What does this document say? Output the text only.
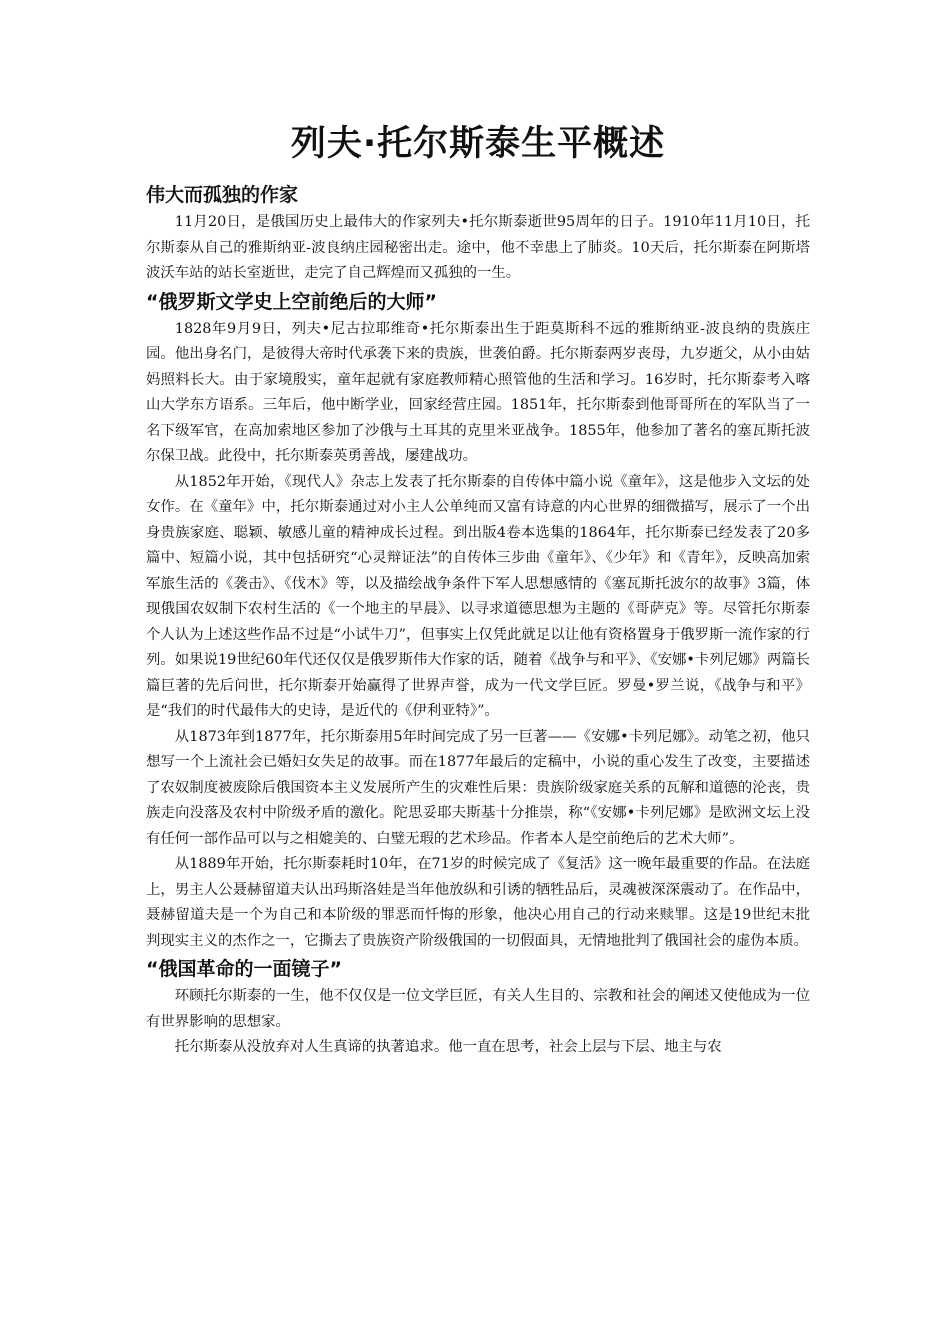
列夫·托尔斯泰生平概述
伟大而孤独的作家

11月20日，是俄国历史上最伟大的作家列夫•托尔斯泰逝世95周年的日子。1910年11月10日，托尔斯泰从自己的雅斯纳亚-波良纳庄园秘密出走。途中，他不幸患上了肺炎。10天后，托尔斯泰在阿斯塔波沃车站的站长室逝世，走完了自己辉煌而又孤独的一生。

“俄罗斯文学史上空前绝后的大师”

1828年9月9日，列夫•尼古拉耶维奇•托尔斯泰出生于距莫斯科不远的雅斯纳亚-波良纳的贵族庄园。他出身名门，是彼得大帝时代承袭下来的贵族，世袭伯爵。托尔斯泰两岁丧母，九岁逝父，从小由姑妈照料长大。由于家境殷实，童年起就有家庭教师精心照管他的生活和学习。16岁时，托尔斯泰考入喀山大学东方语系。三年后，他中断学业，回家经营庄园。1851年，托尔斯泰到他哥哥所在的军队当了一名下级军官，在高加索地区参加了沙俄与土耳其的克里米亚战争。1855年，他参加了著名的塞瓦斯托波尔保卫战。此役中，托尔斯泰英勇善战，屡建战功。

从1852年开始，《现代人》杂志上发表了托尔斯泰的自传体中篇小说《童年》，这是他步入文坛的处女作。在《童年》中，托尔斯泰通过对小主人公单纯而又富有诗意的内心世界的细微描写，展示了一个出身贵族家庭、聪颖、敏感儿童的精神成长过程。到出版4卷本选集的1864年，托尔斯泰已经发表了20多篇中、短篇小说，其中包括研究“心灵辩证法”的自传体三步曲《童年》、《少年》和《青年》，反映高加索军旅生活的《袭击》、《伐木》等，以及描绘战争条件下军人思想感情的《塞瓦斯托波尔的故事》3篇，体现俄国农奴制下农村生活的《一个地主的早晨》、以寻求道德思想为主题的《哥萨克》等。尽管托尔斯泰个人认为上述这些作品不过是“小试牛刀”，但事实上仅凭此就足以让他有资格置身于俄罗斯一流作家的行列。如果说19世纪60年代还仅仅是俄罗斯伟大作家的话，随着《战争与和平》、《安娜•卡列尼娜》两篇长篇巨著的先后问世，托尔斯泰开始赢得了世界声誉，成为一代文学巨匠。罗曼•罗兰说，《战争与和平》是“我们的时代最伟大的史诗，是近代的《伊利亚特》”。

从1873年到1877年，托尔斯泰用5年时间完成了另一巨著——《安娜•卡列尼娜》。动笔之初，他只想写一个上流社会已婚妇女失足的故事。而在1877年最后的定稿中，小说的重心发生了改变，主要描述了农奴制度被废除后俄国资本主义发展所产生的灾难性后果：贵族阶级家庭关系的瓦解和道德的沦丧，贵族走向没落及农村中阶级矛盾的激化。陀思妥耶夫斯基十分推崇，称“《安娜•卡列尼娜》是欧洲文坛上没有任何一部作品可以与之相媲美的、白璧无瑕的艺术珍品。作者本人是空前绝后的艺术大师”。

从1889年开始，托尔斯泰耗时10年，在71岁的时候完成了《复活》这一晚年最重要的作品。在法庭上，男主人公聂赫留道夫认出玛斯洛娃是当年他放纵和引诱的牺牲品后，灵魂被深深震动了。在作品中，聂赫留道夫是一个为自己和本阶级的罪恶而忏悔的形象，他决心用自己的行动来赎罪。这是19世纪末批判现实主义的杰作之一，它撕去了贵族资产阶级俄国的一切假面具，无情地批判了俄国社会的虚伪本质。

“俄国革命的一面镜子”

环顾托尔斯泰的一生，他不仅仅是一位文学巨匠，有关人生目的、宗教和社会的阐述又使他成为一位有世界影响的思想家。

托尔斯泰从没放弃对人生真谛的执著追求。他一直在思考，社会上层与下层、地主与农
